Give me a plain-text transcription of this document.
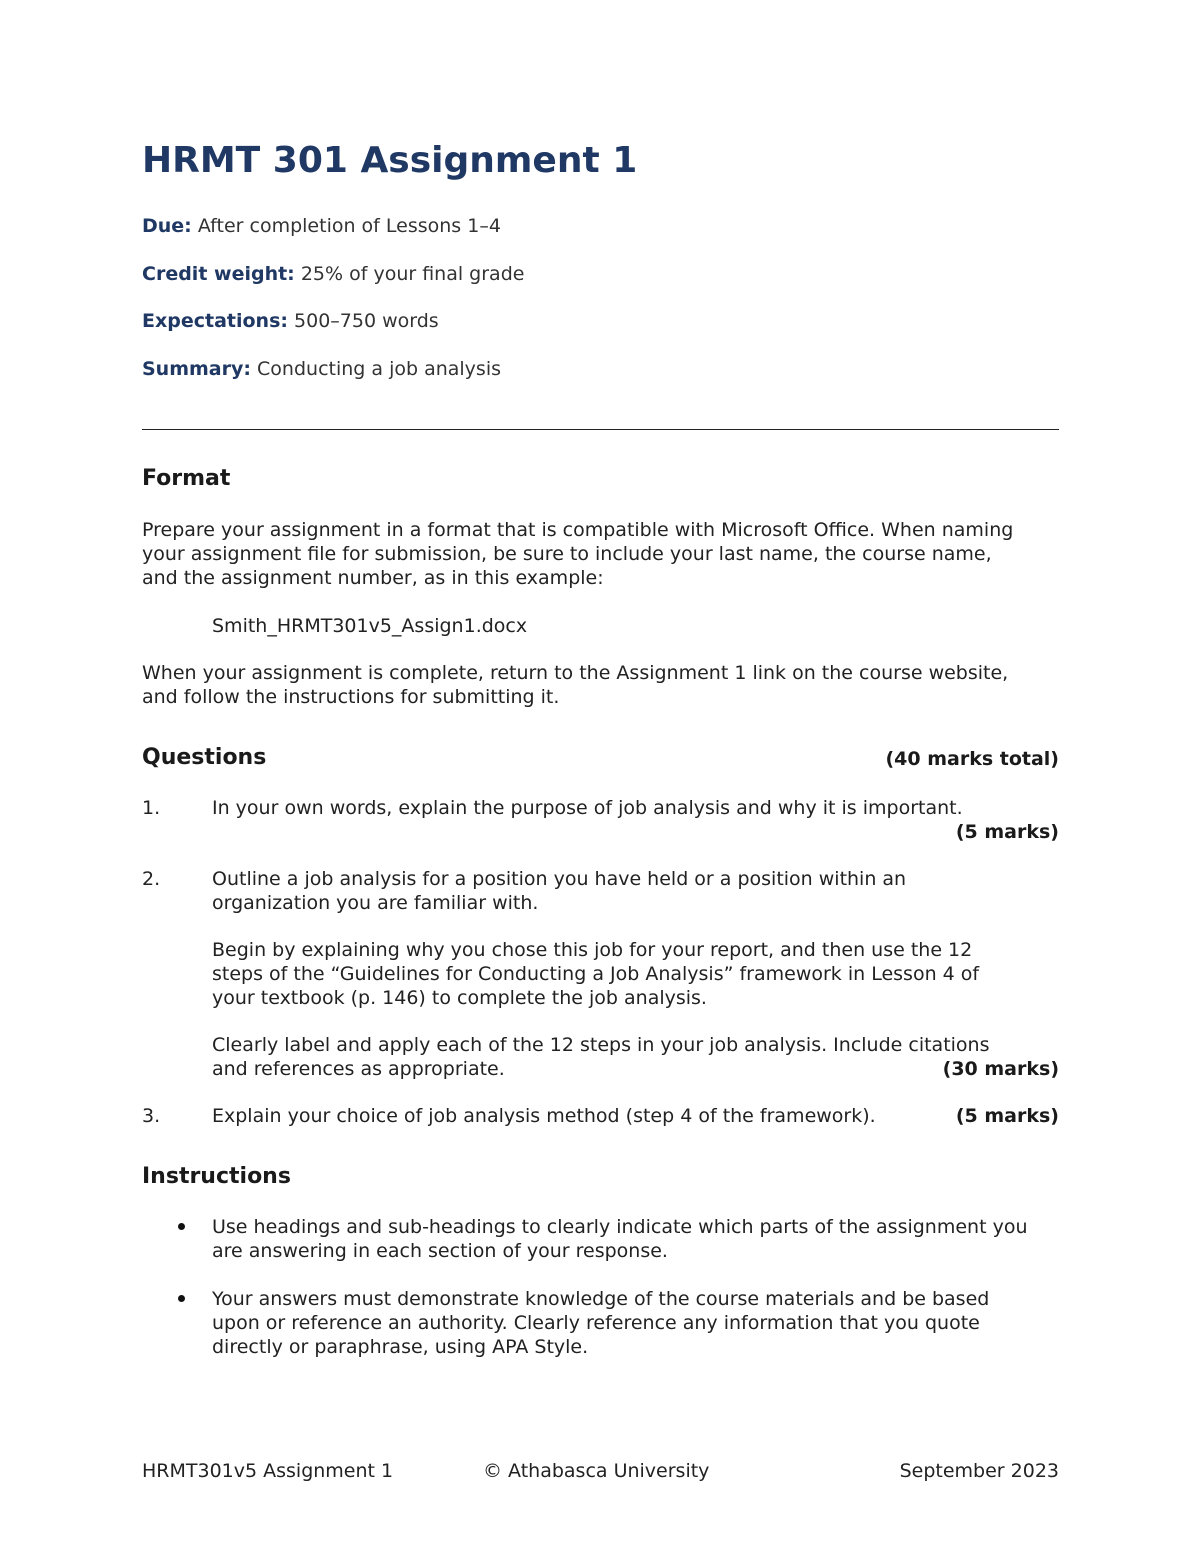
HRMT 301 Assignment 1
Due: After completion of Lessons 1–4
Credit weight: 25% of your final grade
Expectations: 500–750 words
Summary: Conducting a job analysis
Format
Prepare your assignment in a format that is compatible with Microsoft Office. When naming
your assignment file for submission, be sure to include your last name, the course name,
and the assignment number, as in this example:
Smith_HRMT301v5_Assign1.docx
When your assignment is complete, return to the Assignment 1 link on the course website,
and follow the instructions for submitting it.
Questions	(40 marks total)
1.	In your own words, explain the purpose of job analysis and why it is important.
(5 marks)
2.	Outline a job analysis for a position you have held or a position within an
organization you are familiar with.
Begin by explaining why you chose this job for your report, and then use the 12
steps of the “Guidelines for Conducting a Job Analysis” framework in Lesson 4 of
your textbook (p. 146) to complete the job analysis.
Clearly label and apply each of the 12 steps in your job analysis. Include citations
and references as appropriate.	(30 marks)
3.	Explain your choice of job analysis method (step 4 of the framework).	(5 marks)
Instructions
Use headings and sub-headings to clearly indicate which parts of the assignment you
are answering in each section of your response.
Your answers must demonstrate knowledge of the course materials and be based
upon or reference an authority. Clearly reference any information that you quote
directly or paraphrase, using APA Style.
HRMT301v5 Assignment 1	© Athabasca University	September 2023
